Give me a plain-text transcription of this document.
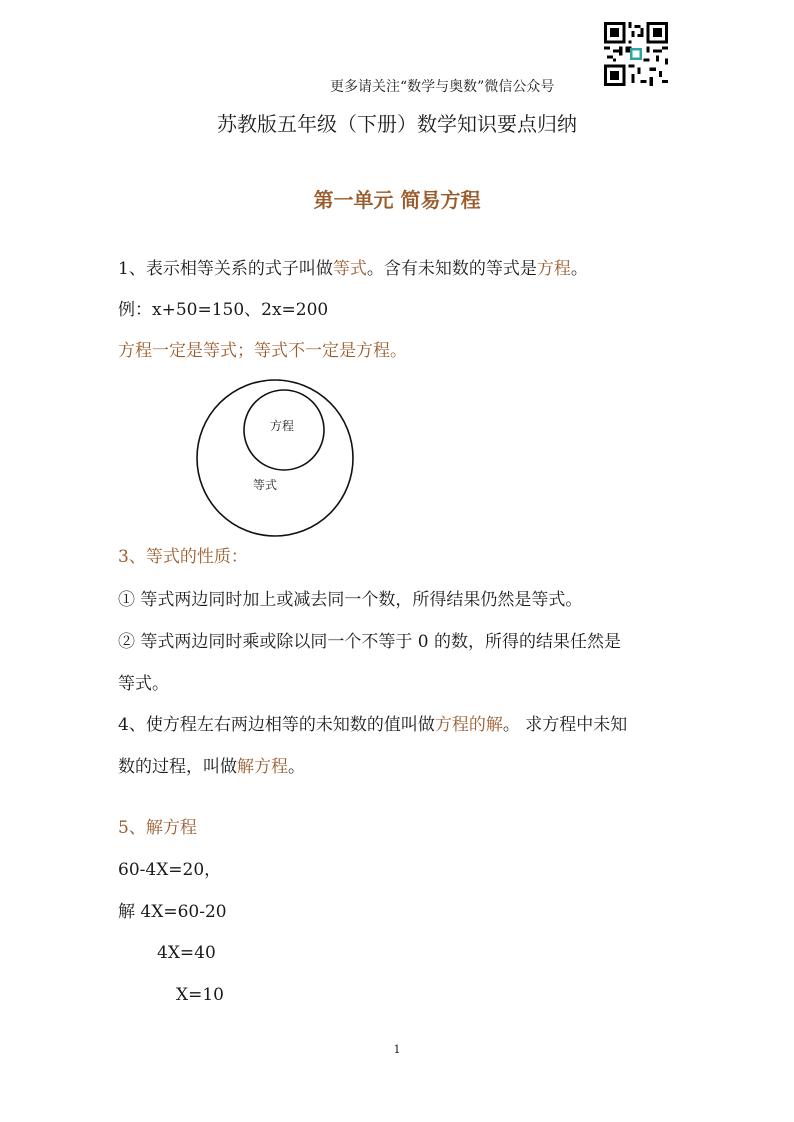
更多请关注“数学与奥数”微信公众号
苏教版五年级（下册）数学知识要点归纳
第一单元 简易方程
1、表示相等关系的式子叫做等式。含有未知数的等式是方程。
例：x+50=150、2x=200
方程一定是等式；等式不一定是方程。
方程
等式
3、等式的性质：
① 等式两边同时加上或减去同一个数，所得结果仍然是等式。
② 等式两边同时乘或除以同一个不等于 0 的数，所得的结果任然是
等式。
4、使方程左右两边相等的未知数的值叫做方程的解。 求方程中未知
数的过程，叫做解方程。
5、解方程
60-4X=20，
解 4X=60-20
4X=40
X=10
1
